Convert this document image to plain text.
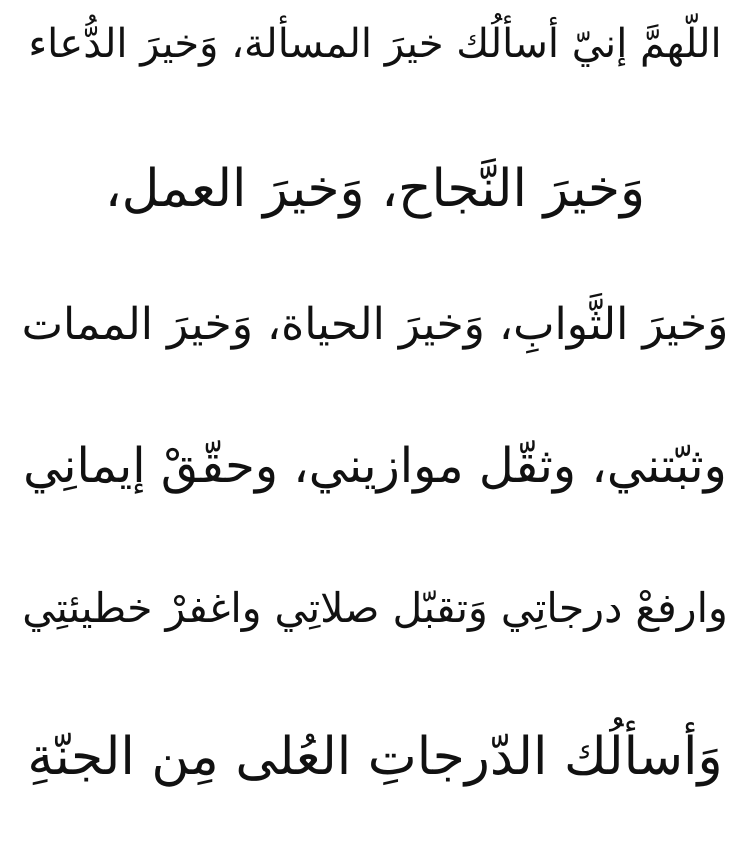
اللّهمَّ إنيّ أسألُك خيرَ المسألة، وَخيرَ الدُّعاء
وَخيرَ النَّجاح، وَخيرَ العمل،
وَخيرَ الثَّوابِ، وَخيرَ الحياة، وَخيرَ الممات
وثبّتني، وثقّل موازيني، وحقّقْ إيمانِي
وارفعْ درجاتِي وَتقبّل صلاتِي واغفرْ خطيئتِي
وَأسألُك الدّرجاتِ العُلى مِن الجنّةِ
